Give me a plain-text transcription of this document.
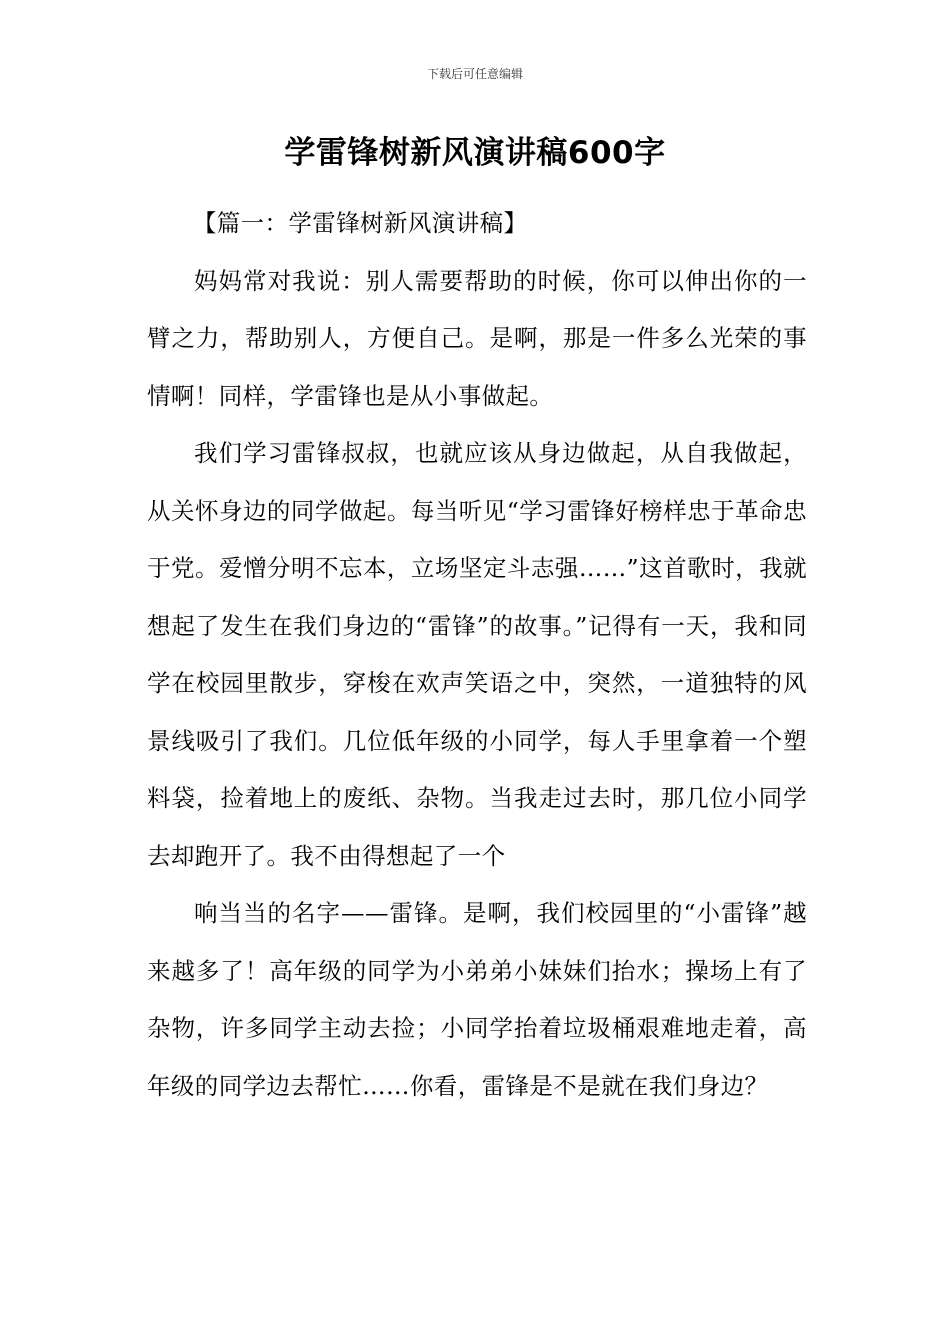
下载后可任意编辑
学雷锋树新风演讲稿600字

【篇一：学雷锋树新风演讲稿】

妈妈常对我说：别人需要帮助的时候，你可以伸出你的一臂之力，帮助别人，方便自己。是啊，那是一件多么光荣的事情啊！同样，学雷锋也是从小事做起。

我们学习雷锋叔叔，也就应该从身边做起，从自我做起，从关怀身边的同学做起。每当听见“学习雷锋好榜样忠于革命忠于党。爱憎分明不忘本，立场坚定斗志强……”这首歌时，我就想起了发生在我们身边的“雷锋”的故事。”记得有一天，我和同学在校园里散步，穿梭在欢声笑语之中，突然，一道独特的风景线吸引了我们。几位低年级的小同学，每人手里拿着一个塑料袋，捡着地上的废纸、杂物。当我走过去时，那几位小同学去却跑开了。我不由得想起了一个

响当当的名字——雷锋。是啊，我们校园里的“小雷锋”越来越多了！高年级的同学为小弟弟小妹妹们抬水；操场上有了杂物，许多同学主动去捡；小同学抬着垃圾桶艰难地走着，高年级的同学边去帮忙……你看，雷锋是不是就在我们身边？
